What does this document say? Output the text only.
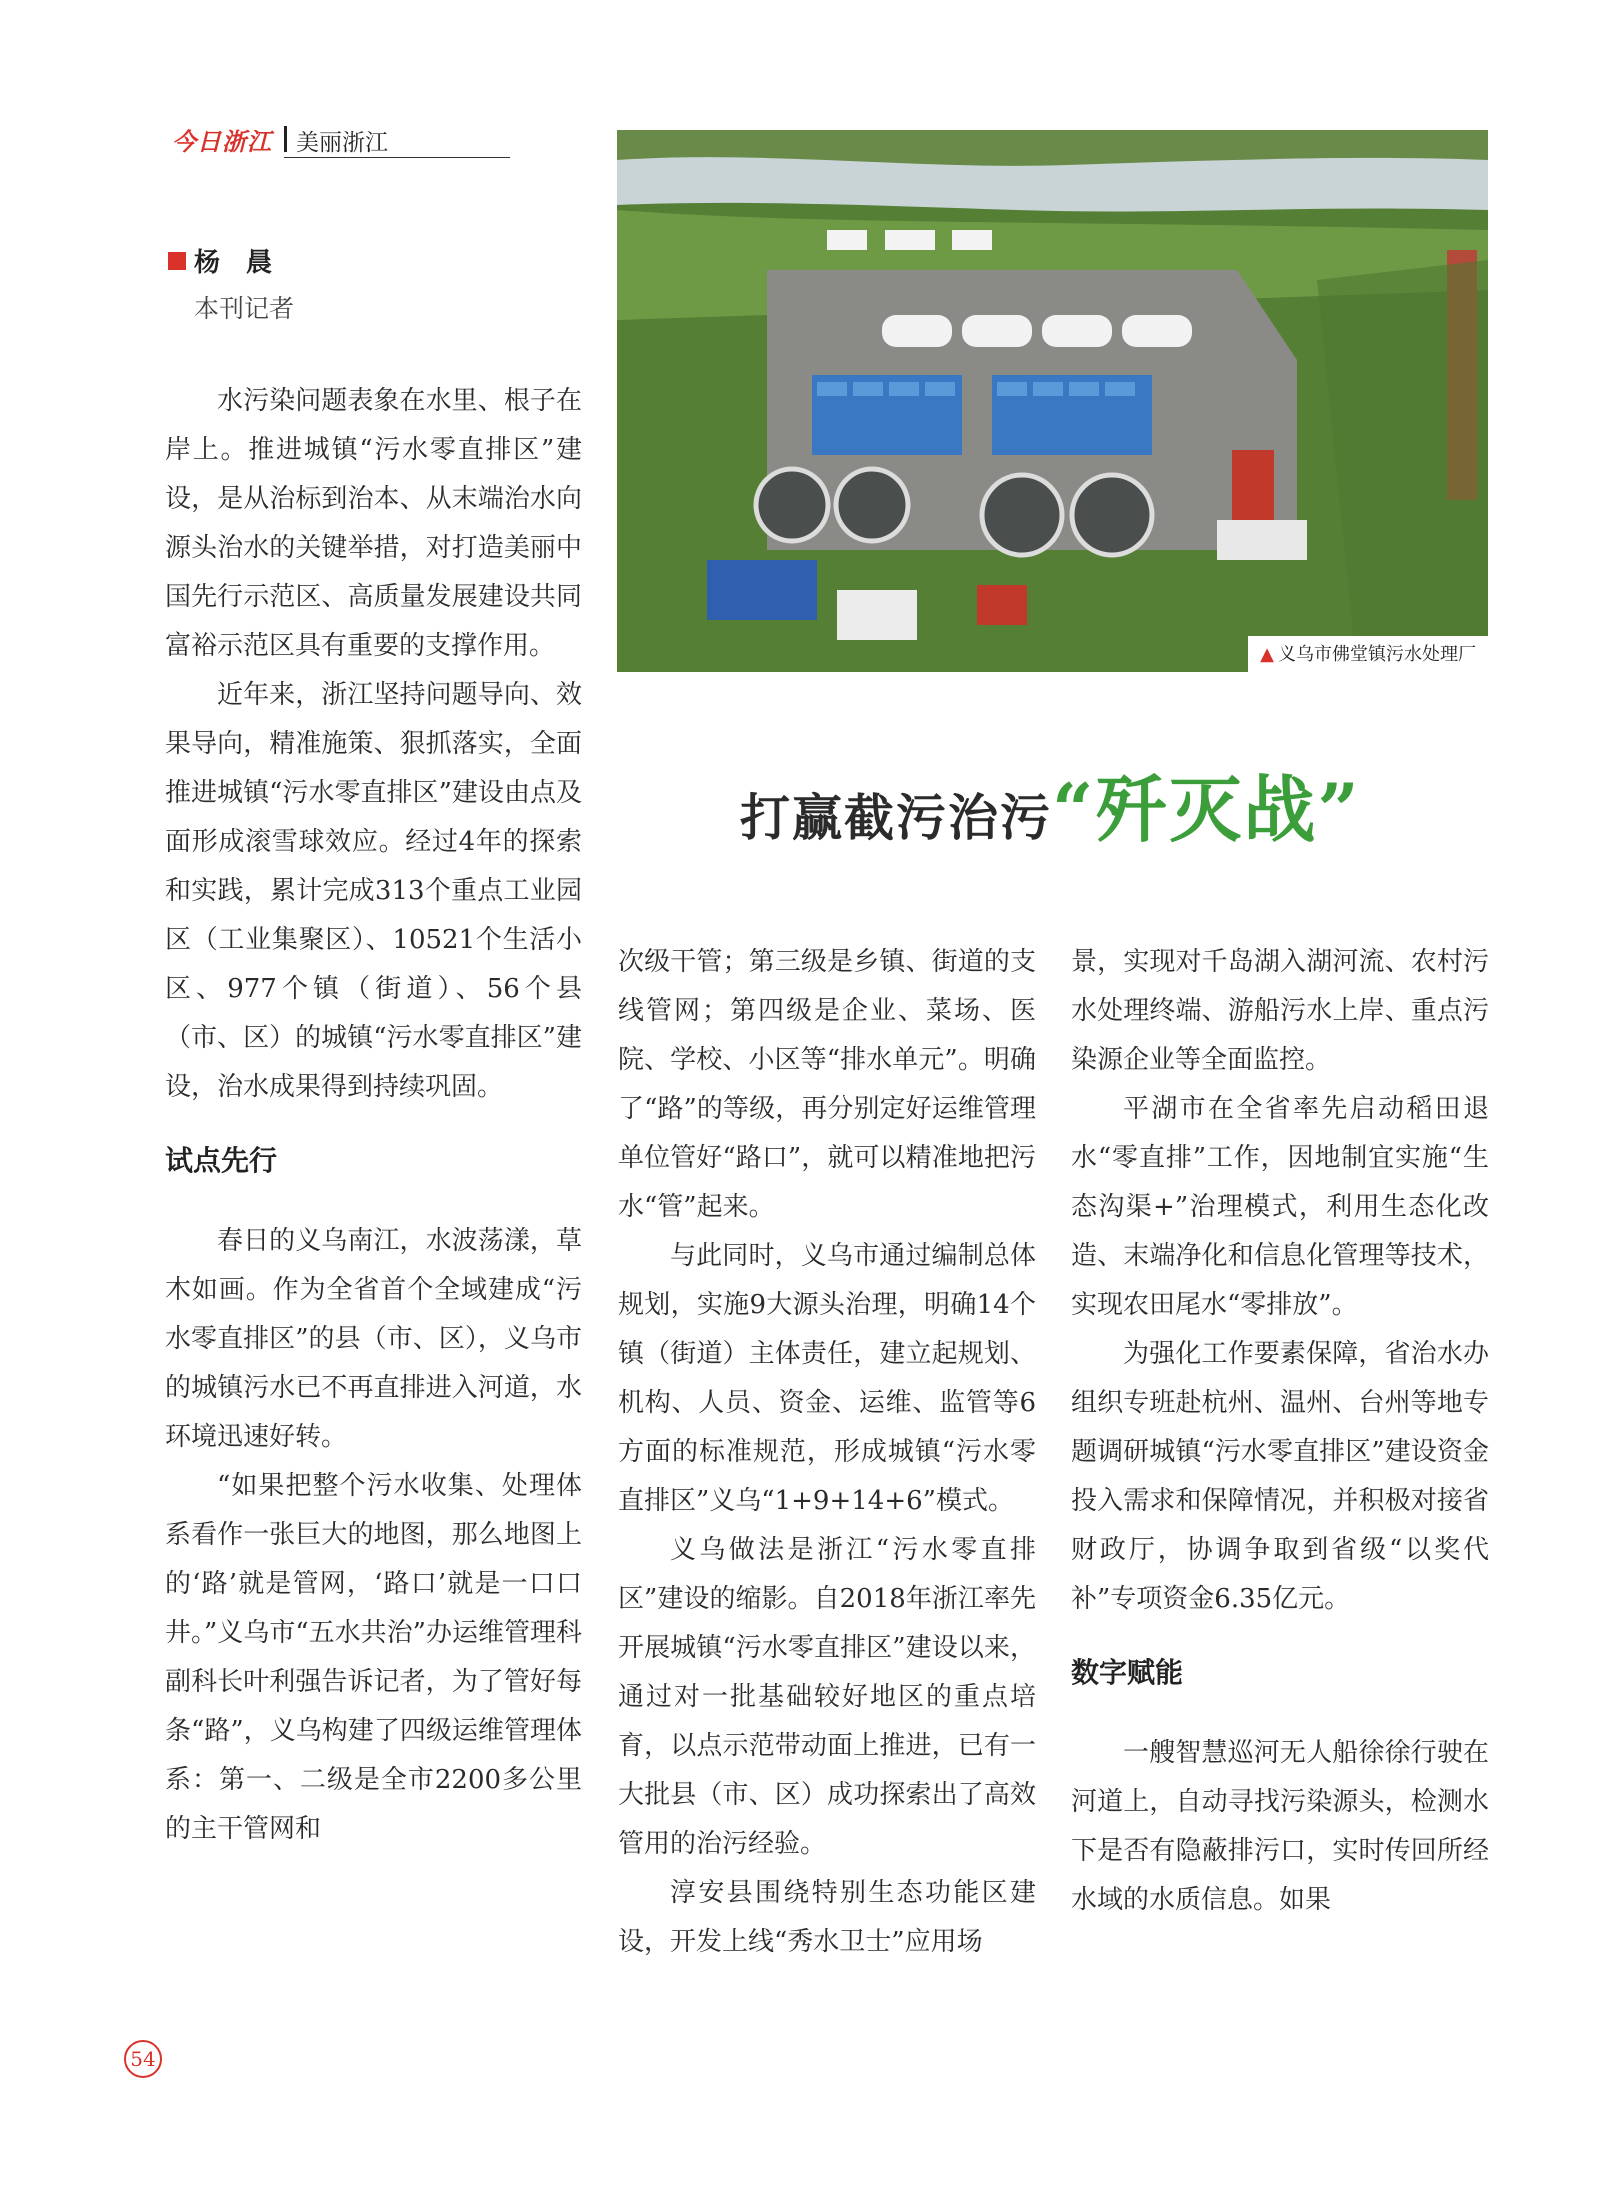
今日浙江 美丽浙江
杨　晨
本刊记者
▲ 义乌市佛堂镇污水处理厂
打赢截污治污“歼灭战”

水污染问题表象在水里、根子在岸上。推进城镇“污水零直排区”建设，是从治标到治本、从末端治水向源头治水的关键举措，对打造美丽中国先行示范区、高质量发展建设共同富裕示范区具有重要的支撑作用。

近年来，浙江坚持问题导向、效果导向，精准施策、狠抓落实，全面推进城镇“污水零直排区”建设由点及面形成滚雪球效应。经过4年的探索和实践，累计完成313个重点工业园区（工业集聚区）、10521个生活小区、977个镇（街道）、56个县（市、区）的城镇“污水零直排区”建设，治水成果得到持续巩固。

试点先行

春日的义乌南江，水波荡漾，草木如画。作为全省首个全域建成“污水零直排区”的县（市、区），义乌市的城镇污水已不再直排进入河道，水环境迅速好转。

“如果把整个污水收集、处理体系看作一张巨大的地图，那么地图上的‘路’就是管网，‘路口’就是一口口井。”义乌市“五水共治”办运维管理科副科长叶利强告诉记者，为了管好每条“路”，义乌构建了四级运维管理体系：第一、二级是全市2200多公里的主干管网和

次级干管；第三级是乡镇、街道的支线管网；第四级是企业、菜场、医院、学校、小区等“排水单元”。明确了“路”的等级，再分别定好运维管理单位管好“路口”，就可以精准地把污水“管”起来。

与此同时，义乌市通过编制总体规划，实施9大源头治理，明确14个镇（街道）主体责任，建立起规划、机构、人员、资金、运维、监管等6方面的标准规范，形成城镇“污水零直排区”义乌“1+9+14+6”模式。

义乌做法是浙江“污水零直排区”建设的缩影。自2018年浙江率先开展城镇“污水零直排区”建设以来，通过对一批基础较好地区的重点培育，以点示范带动面上推进，已有一大批县（市、区）成功探索出了高效管用的治污经验。

淳安县围绕特别生态功能区建设，开发上线“秀水卫士”应用场

景，实现对千岛湖入湖河流、农村污水处理终端、游船污水上岸、重点污染源企业等全面监控。

平湖市在全省率先启动稻田退水“零直排”工作，因地制宜实施“生态沟渠+”治理模式，利用生态化改造、末端净化和信息化管理等技术，实现农田尾水“零排放”。

为强化工作要素保障，省治水办组织专班赴杭州、温州、台州等地专题调研城镇“污水零直排区”建设资金投入需求和保障情况，并积极对接省财政厅，协调争取到省级“以奖代补”专项资金6.35亿元。

数字赋能

一艘智慧巡河无人船徐徐行驶在河道上，自动寻找污染源头，检测水下是否有隐蔽排污口，实时传回所经水域的水质信息。如果

54
